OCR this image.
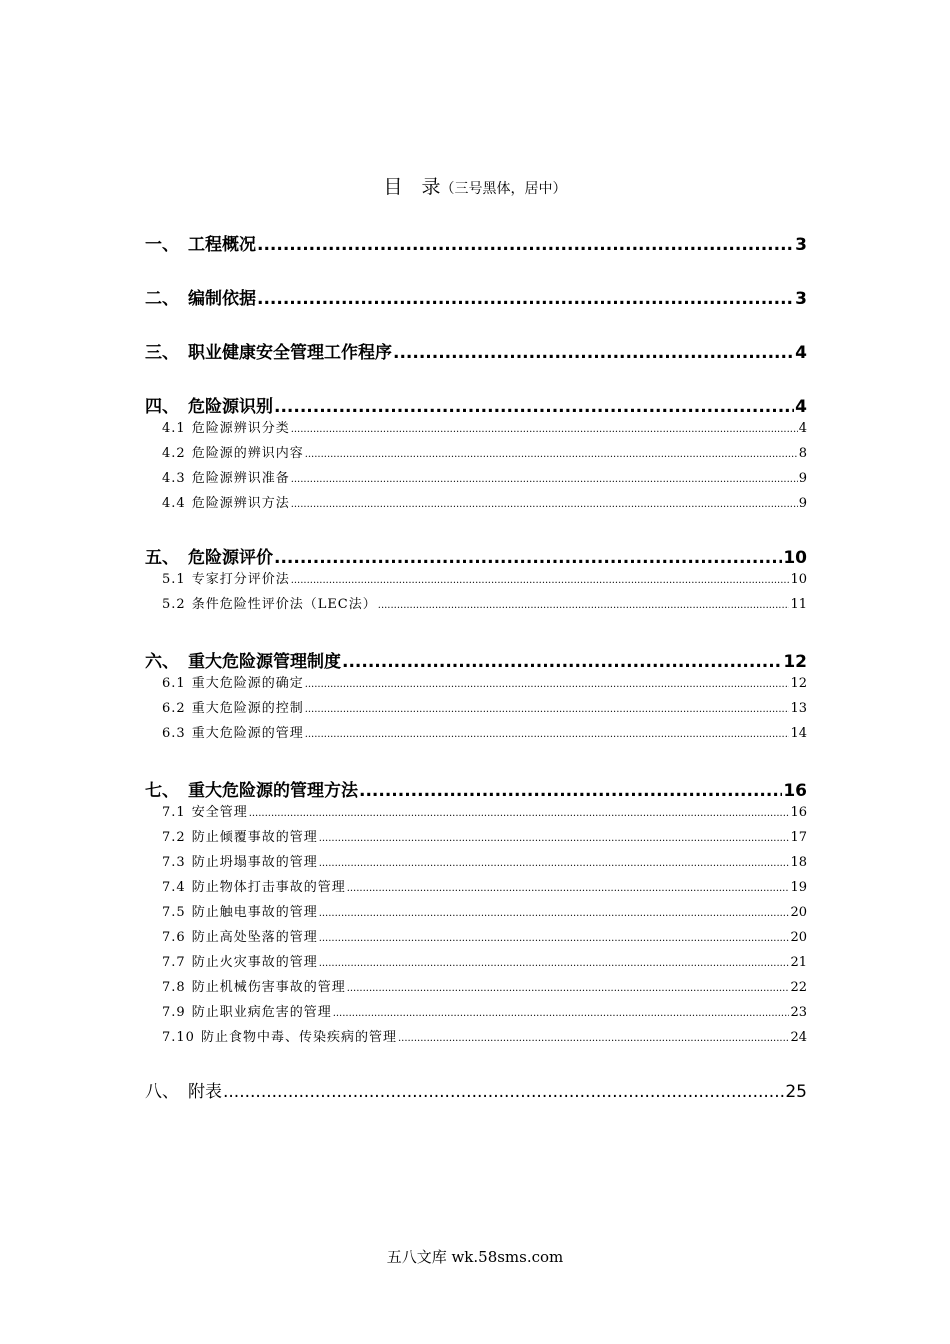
目　录（三号黑体，居中）
一、 工程概况 .....	3
二、 编制依据 .....	3
三、 职业健康安全管理工作程序 .....	4
四、 危险源识别 .....	4
4.1 危险源辨识分类 .....	4
4.2 危险源的辨识内容 .....	8
4.3 危险源辨识准备 .....	9
4.4 危险源辨识方法 .....	9
五、 危险源评价 .....	10
5.1 专家打分评价法 .....	10
5.2 条件危险性评价法（LEC法） .....	11
六、 重大危险源管理制度 .....	12
6.1 重大危险源的确定 .....	12
6.2 重大危险源的控制 .....	13
6.3 重大危险源的管理 .....	14
七、 重大危险源的管理方法 .....	16
7.1 安全管理 .....	16
7.2 防止倾覆事故的管理 .....	17
7.3 防止坍塌事故的管理 .....	18
7.4 防止物体打击事故的管理 .....	19
7.5 防止触电事故的管理 .....	20
7.6 防止高处坠落的管理 .....	20
7.7 防止火灾事故的管理 .....	21
7.8 防止机械伤害事故的管理 .....	22
7.9 防止职业病危害的管理 .....	23
7.10 防止食物中毒、传染疾病的管理 .....	24
八、 附表 .....	25
五八文库 wk.58sms.com
